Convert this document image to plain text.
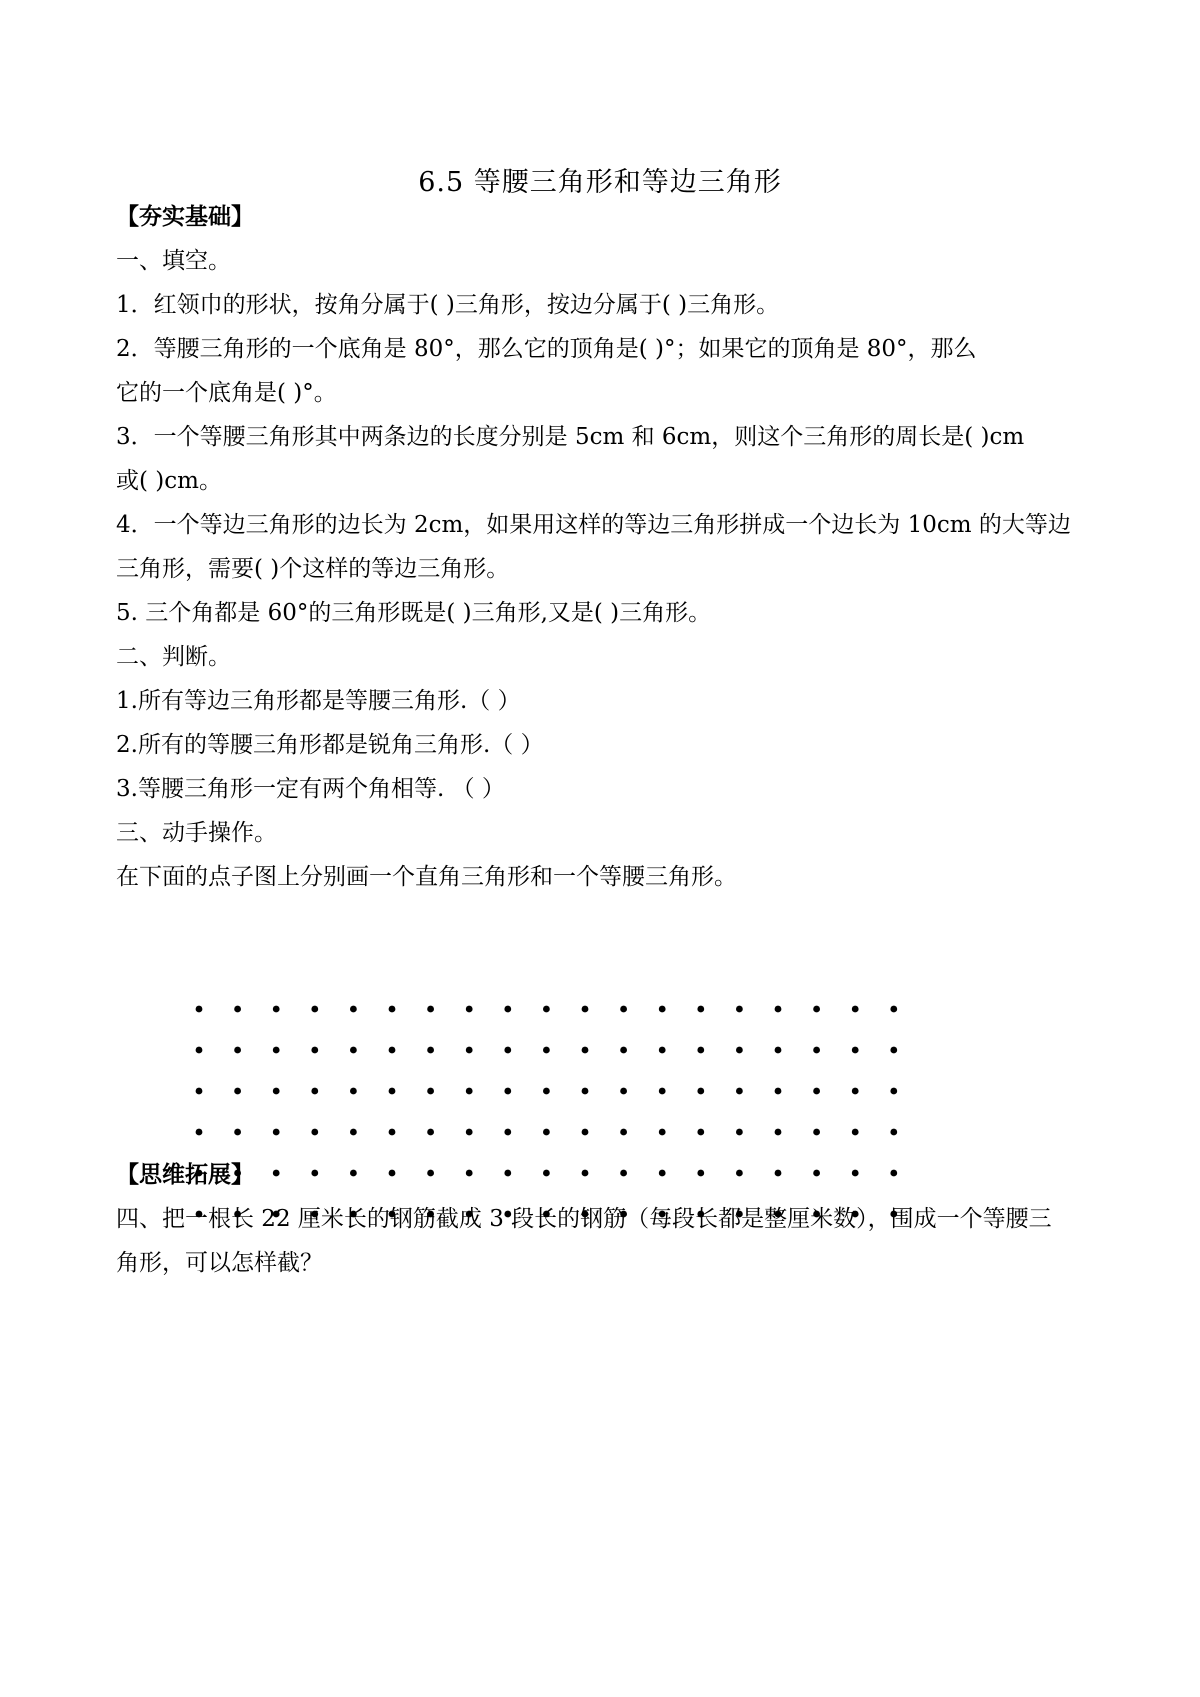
6.5 等腰三角形和等边三角形
【夯实基础】
一、填空。
1．红领巾的形状，按角分属于( )三角形，按边分属于( )三角形。
2．等腰三角形的一个底角是 80°，那么它的顶角是( )°；如果它的顶角是 80°，那么
它的一个底角是( )°。
3．一个等腰三角形其中两条边的长度分别是 5cm 和 6cm，则这个三角形的周长是( )cm
或( )cm。
4．一个等边三角形的边长为 2cm，如果用这样的等边三角形拼成一个边长为 10cm 的大等边
三角形，需要( )个这样的等边三角形。
5. 三个角都是 60°的三角形既是( )三角形,又是( )三角形。
二、判断。
1.所有等边三角形都是等腰三角形.（ ）
2.所有的等腰三角形都是锐角三角形.（ ）
3.等腰三角形一定有两个角相等. （ ）
三、动手操作。
在下面的点子图上分别画一个直角三角形和一个等腰三角形。
【思维拓展】
四、把一根长 22 厘米长的钢筋截成 3 段长的钢筋（每段长都是整厘米数），围成一个等腰三
角形，可以怎样截？
